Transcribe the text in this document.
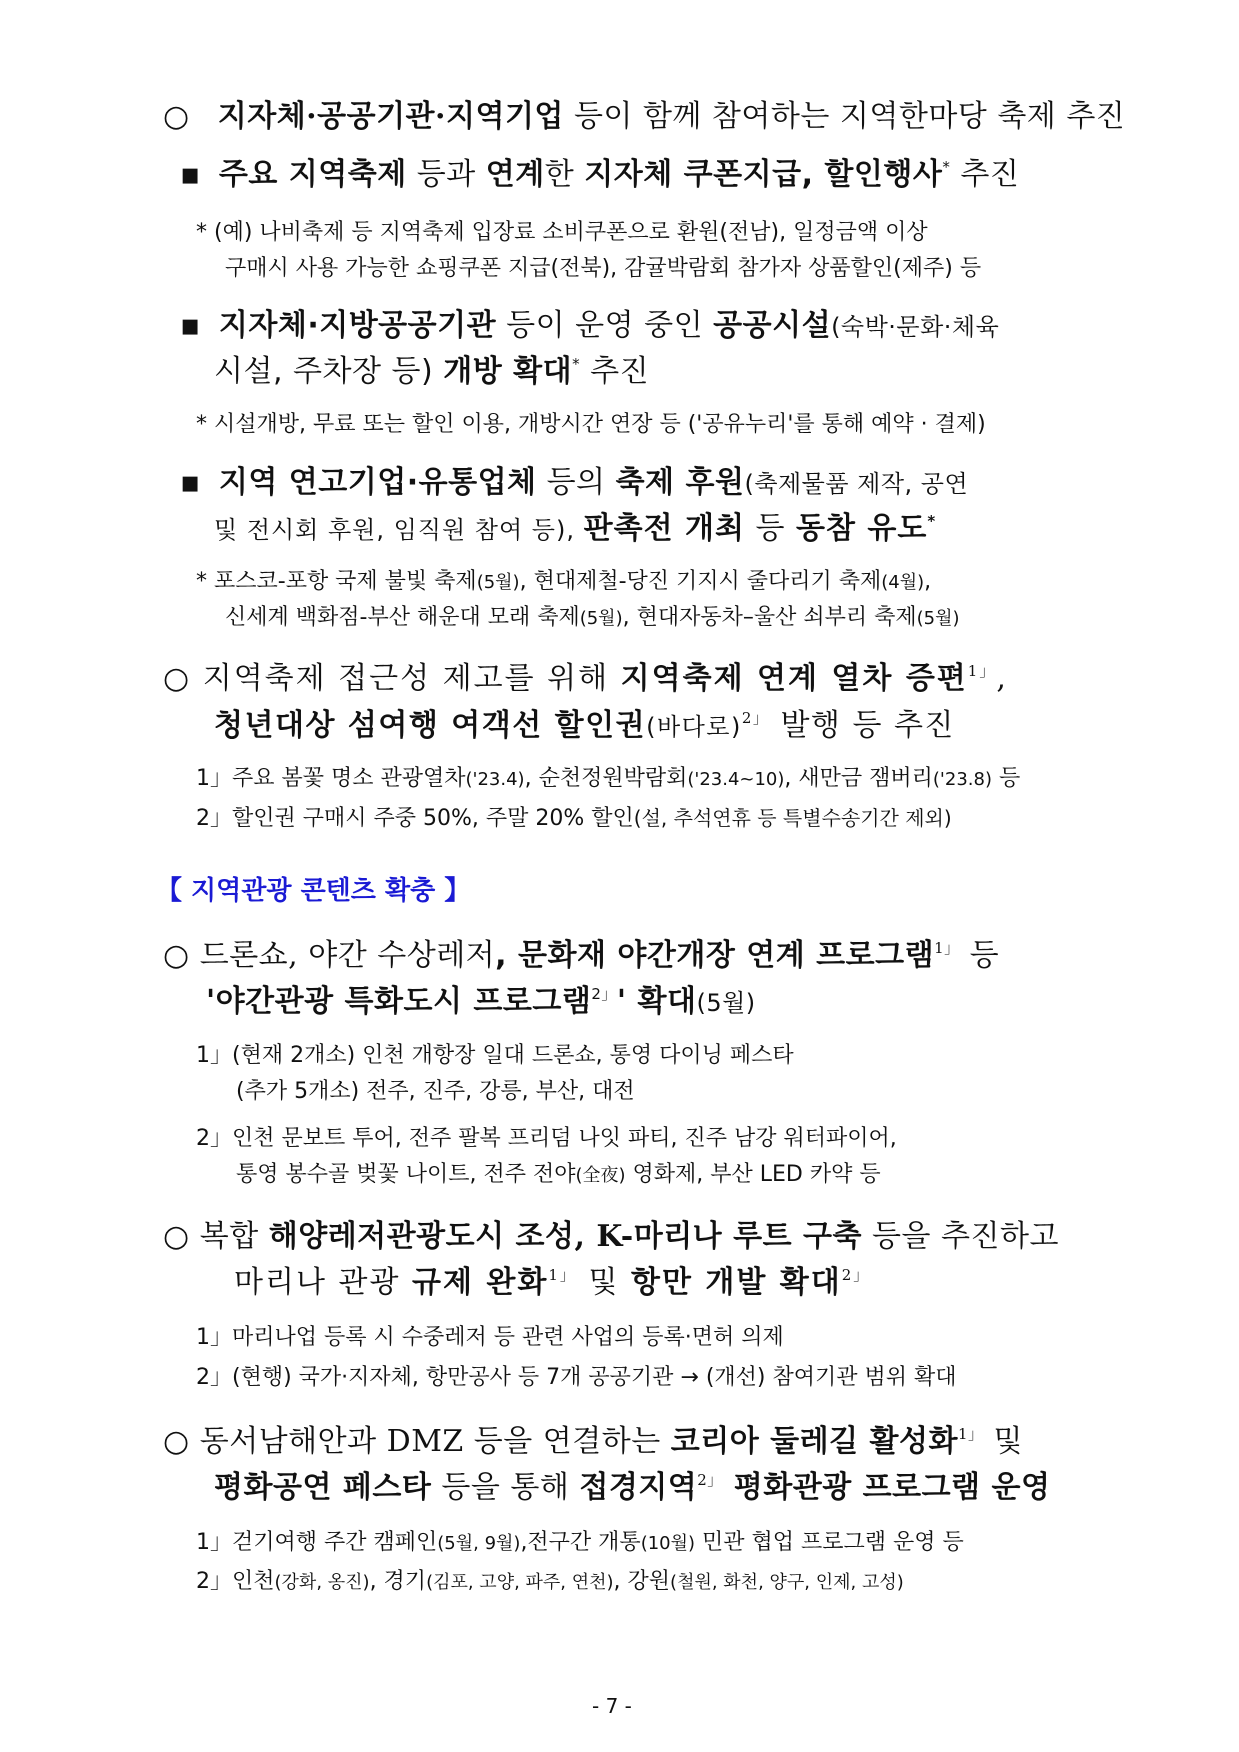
○ 지자체·공공기관·지역기업 등이 함께 참여하는 지역한마당 축제 추진
▪ 주요 지역축제 등과 연계한 지자체 쿠폰지급, 할인행사* 추진
* (예) 나비축제 등 지역축제 입장료 소비쿠폰으로 환원(전남), 일정금액 이상
구매시 사용 가능한 쇼핑쿠폰 지급(전북), 감귤박람회 참가자 상품할인(제주) 등
▪ 지자체·지방공공기관 등이 운영 중인 공공시설(숙박·문화·체육
시설, 주차장 등) 개방 확대* 추진
* 시설개방, 무료 또는 할인 이용, 개방시간 연장 등 ('공유누리'를 통해 예약 · 결제)
▪ 지역 연고기업·유통업체 등의 축제 후원(축제물품 제작, 공연
및 전시회 후원, 임직원 참여 등), 판촉전 개최 등 동참 유도*
* 포스코-포항 국제 불빛 축제(5월), 현대제철-당진 기지시 줄다리기 축제(4월),
신세계 백화점-부산 해운대 모래 축제(5월), 현대자동차–울산 쇠부리 축제(5월)
○ 지역축제 접근성 제고를 위해 지역축제 연계 열차 증편$^{1」}$,
청년대상 섬여행 여객선 할인권(바다로)$^{2」}$ 발행 등 추진
1」주요 봄꽃 명소 관광열차('23.4), 순천정원박람회('23.4~10), 새만금 잼버리('23.8) 등
2」할인권 구매시 주중 50%, 주말 20% 할인(설, 추석연휴 등 특별수송기간 제외)
【 지역관광 콘텐츠 확충 】
○ 드론쇼, 야간 수상레저, 문화재 야간개장 연계 프로그램$^{1」}$ 등
'야간관광 특화도시 프로그램$^{2」}$' 확대(5월)
1」(현재 2개소) 인천 개항장 일대 드론쇼, 통영 다이닝 페스타
(추가 5개소) 전주, 진주, 강릉, 부산, 대전
2」인천 문보트 투어, 전주 팔복 프리덤 나잇 파티, 진주 남강 워터파이어,
통영 봉수골 벚꽃 나이트, 전주 전야(全夜) 영화제, 부산 LED 카약 등
○ 복합 해양레저관광도시 조성, K-마리나 루트 구축 등을 추진하고
마리나 관광 규제 완화$^{1」}$ 및 항만 개발 확대$^{2」}$
1」마리나업 등록 시 수중레저 등 관련 사업의 등록·면허 의제
2」(현행) 국가·지자체, 항만공사 등 7개 공공기관 → (개선) 참여기관 범위 확대
○ 동서남해안과 DMZ 등을 연결하는 코리아 둘레길 활성화$^{1」}$ 및
평화공연 페스타 등을 통해 접경지역$^{2」}$ 평화관광 프로그램 운영
1」걷기여행 주간 캠페인(5월, 9월),전구간 개통(10월) 민관 협업 프로그램 운영 등
2」인천(강화, 옹진), 경기(김포, 고양, 파주, 연천), 강원(철원, 화천, 양구, 인제, 고성)
- 7 -
